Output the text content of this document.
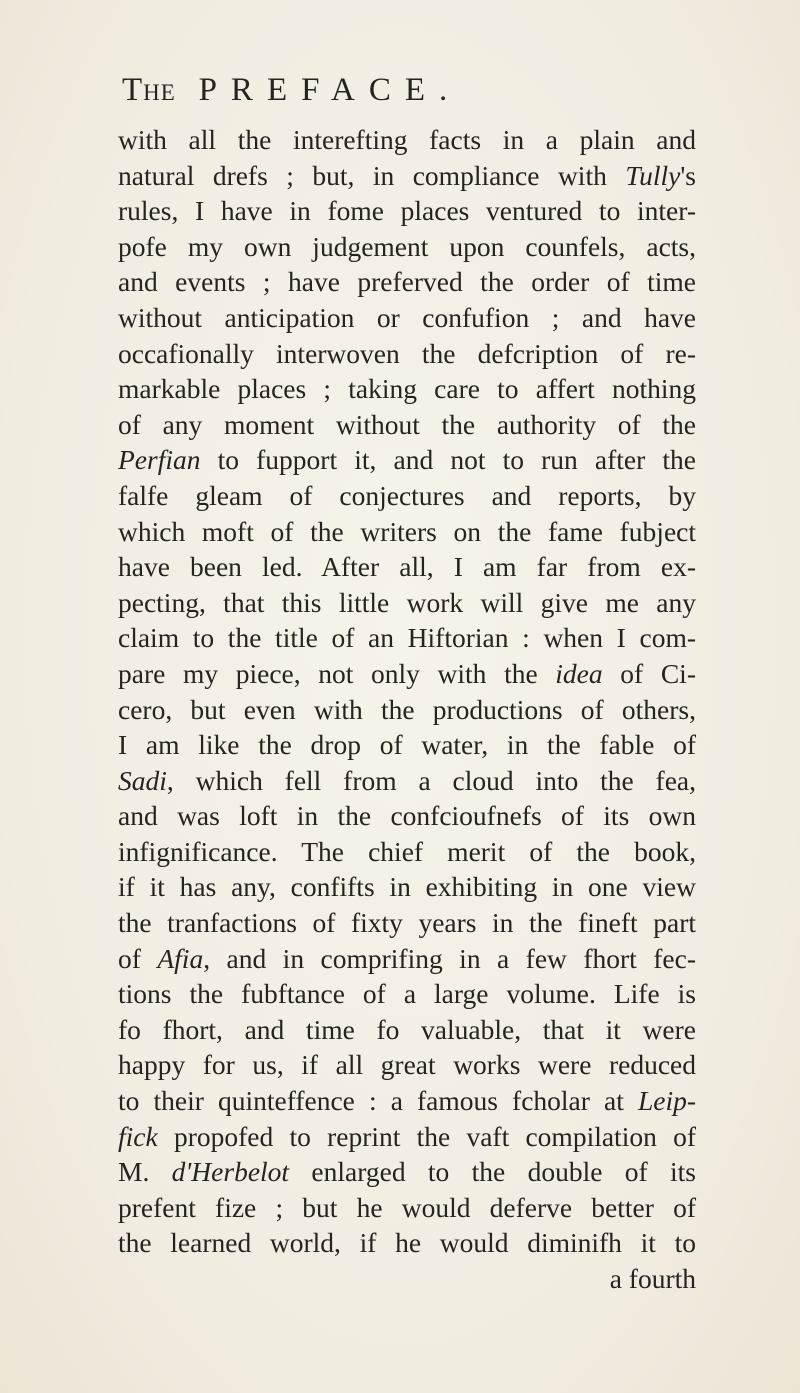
The PREFACE.
with all the interefting facts in a plain and
natural drefs ; but, in compliance with Tully's
rules, I have in fome places ventured to inter-
pofe my own judgement upon counfels, acts,
and events ; have preferved the order of time
without anticipation or confufion ; and have
occafionally interwoven the defcription of re-
markable places ; taking care to affert nothing
of any moment without the authority of the
Perfian to fupport it, and not to run after the
falfe gleam of conjectures and reports, by
which moft of the writers on the fame fubject
have been led. After all, I am far from ex-
pecting, that this little work will give me any
claim to the title of an Hiftorian : when I com-
pare my piece, not only with the idea of Ci-
cero, but even with the productions of others,
I am like the drop of water, in the fable of
Sadi, which fell from a cloud into the fea,
and was loft in the confcioufnefs of its own
infignificance. The chief merit of the book,
if it has any, confifts in exhibiting in one view
the tranfactions of fixty years in the fineft part
of Afia, and in comprifing in a few fhort fec-
tions the fubftance of a large volume. Life is
fo fhort, and time fo valuable, that it were
happy for us, if all great works were reduced
to their quinteffence : a famous fcholar at Leip-
fick propofed to reprint the vaft compilation of
M. d'Herbelot enlarged to the double of its
prefent fize ; but he would deferve better of
the learned world, if he would diminifh it to
a fourth
